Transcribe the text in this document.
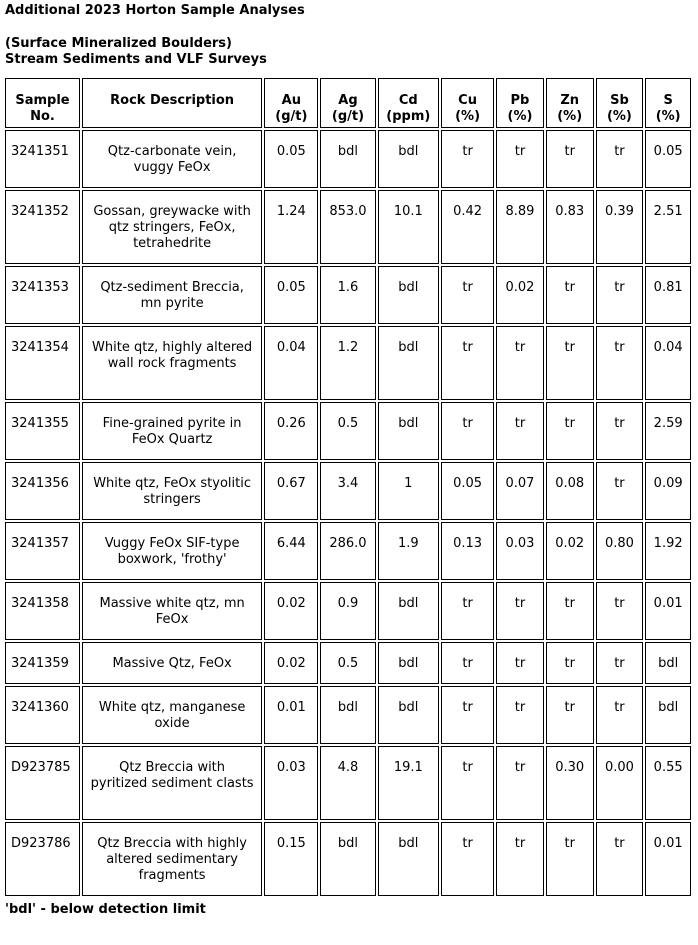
Additional 2023 Horton Sample Analyses
(Surface Mineralized Boulders)
Stream Sediments and VLF Surveys
Sample No.	Rock Description	Au (g/t)	Ag (g/t)	Cd (ppm)	Cu (%)	Pb (%)	Zn (%)	Sb (%)	S (%)
3241351	Qtz-carbonate vein, vuggy FeOx	0.05	bdl	bdl	tr	tr	tr	tr	0.05
3241352	Gossan, greywacke with qtz stringers, FeOx, tetrahedrite	1.24	853.0	10.1	0.42	8.89	0.83	0.39	2.51
3241353	Qtz-sediment Breccia, mn pyrite	0.05	1.6	bdl	tr	0.02	tr	tr	0.81
3241354	White qtz, highly altered wall rock fragments	0.04	1.2	bdl	tr	tr	tr	tr	0.04
3241355	Fine-grained pyrite in FeOx Quartz	0.26	0.5	bdl	tr	tr	tr	tr	2.59
3241356	White qtz, FeOx styolitic stringers	0.67	3.4	1	0.05	0.07	0.08	tr	0.09
3241357	Vuggy FeOx SIF-type boxwork, 'frothy'	6.44	286.0	1.9	0.13	0.03	0.02	0.80	1.92
3241358	Massive white qtz, mn FeOx	0.02	0.9	bdl	tr	tr	tr	tr	0.01
3241359	Massive Qtz, FeOx	0.02	0.5	bdl	tr	tr	tr	tr	bdl
3241360	White qtz, manganese oxide	0.01	bdl	bdl	tr	tr	tr	tr	bdl
D923785	Qtz Breccia with pyritized sediment clasts	0.03	4.8	19.1	tr	tr	0.30	0.00	0.55
D923786	Qtz Breccia with highly altered sedimentary fragments	0.15	bdl	bdl	tr	tr	tr	tr	0.01
'bdl' - below detection limit
